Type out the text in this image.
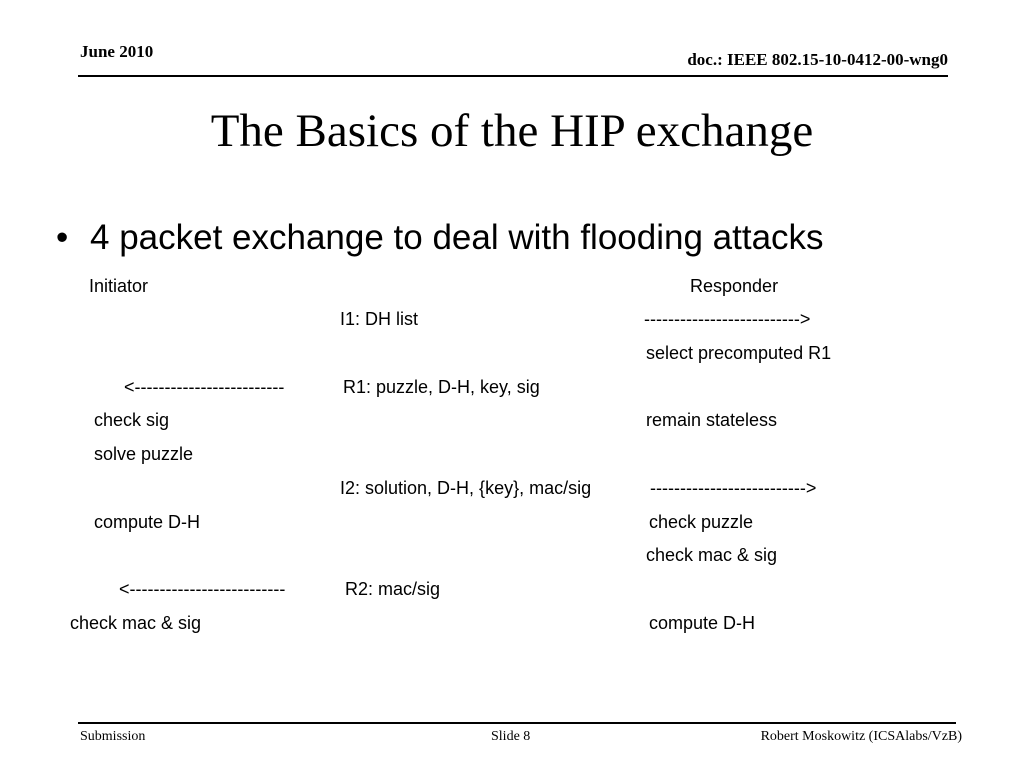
June 2010	doc.: IEEE 802.15-10-0412-00-wng0
The Basics of the HIP exchange
• 4 packet exchange to deal with flooding attacks
Initiator	Responder
I1: DH list	-------------------------->
select precomputed R1
<-------------------------	R1: puzzle, D-H, key, sig
check sig	remain stateless
solve puzzle
I2: solution, D-H, {key}, mac/sig	-------------------------->
compute D-H	check puzzle
check mac & sig
<--------------------------	R2: mac/sig
check mac & sig	compute D-H
Submission	Slide 8	Robert Moskowitz (ICSAlabs/VzB)
